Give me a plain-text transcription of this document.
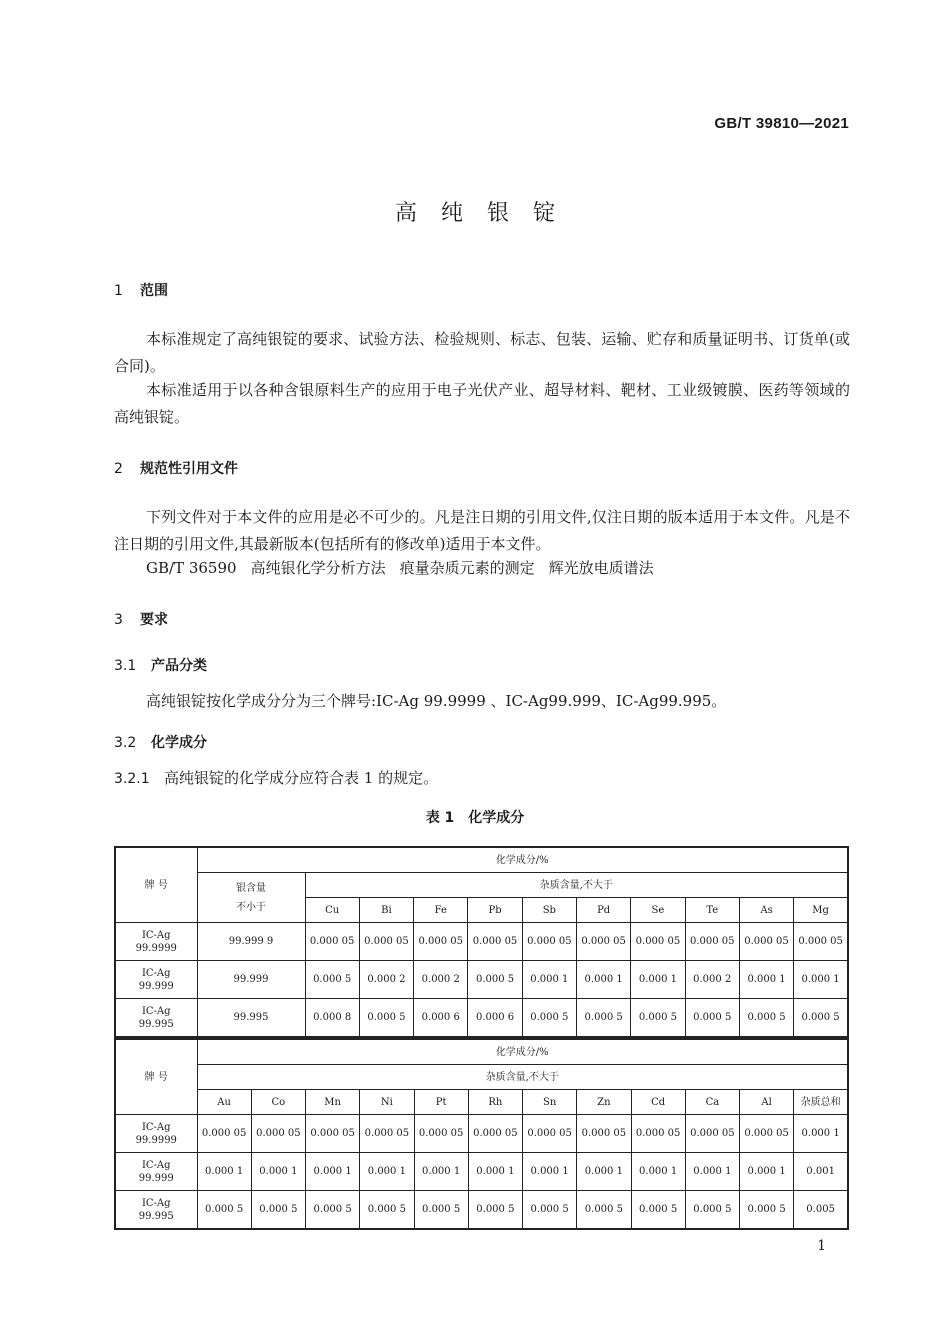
GB/T 39810—2021
高纯银锭
1 范围
本标准规定了高纯银锭的要求、试验方法、检验规则、标志、包装、运输、贮存和质量证明书、订货单(或合同)。
本标准适用于以各种含银原料生产的应用于电子光伏产业、超导材料、靶材、工业级镀膜、医药等领域的高纯银锭。
2 规范性引用文件
下列文件对于本文件的应用是必不可少的。凡是注日期的引用文件,仅注日期的版本适用于本文件。凡是不注日期的引用文件,其最新版本(包括所有的修改单)适用于本文件。
GB/T 36590 高纯银化学分析方法 痕量杂质元素的测定 辉光放电质谱法
3 要求
3.1 产品分类
高纯银锭按化学成分分为三个牌号:IC-Ag 99.9999 、IC-Ag99.999、IC-Ag99.995。
3.2 化学成分
3.2.1 高纯银锭的化学成分应符合表 1 的规定。
表 1　化学成分
牌 号	化学成分/%										

	银含量
不小于	杂质含量,不大于									
		Cu	Bi	Fe	Pb	Sb	Pd	Se	Te	As	Mg

IC-Ag
99.9999	99.999 9	0.000 05	0.000 05	0.000 05	0.000 05	0.000 05	0.000 05	0.000 05	0.000 05	0.000 05	0.000 05

IC-Ag
99.999	99.999	0.000 5	0.000 2	0.000 2	0.000 5	0.000 1	0.000 1	0.000 1	0.000 2	0.000 1	0.000 1

IC-Ag
99.995	99.995	0.000 8	0.000 5	0.000 6	0.000 6	0.000 5	0.000 5	0.000 5	0.000 5	0.000 5	0.000 5
牌 号	化学成分/%											
	杂质含量,不大于											
	Au	Co	Mn	Ni	Pt	Rh	Sn	Zn	Cd	Ca	Al	杂质总和

IC-Ag
99.9999	0.000 05	0.000 05	0.000 05	0.000 05	0.000 05	0.000 05	0.000 05	0.000 05	0.000 05	0.000 05	0.000 05	0.000 1

IC-Ag
99.999	0.000 1	0.000 1	0.000 1	0.000 1	0.000 1	0.000 1	0.000 1	0.000 1	0.000 1	0.000 1	0.000 1	0.001

IC-Ag
99.995	0.000 5	0.000 5	0.000 5	0.000 5	0.000 5	0.000 5	0.000 5	0.000 5	0.000 5	0.000 5	0.000 5	0.005
1
